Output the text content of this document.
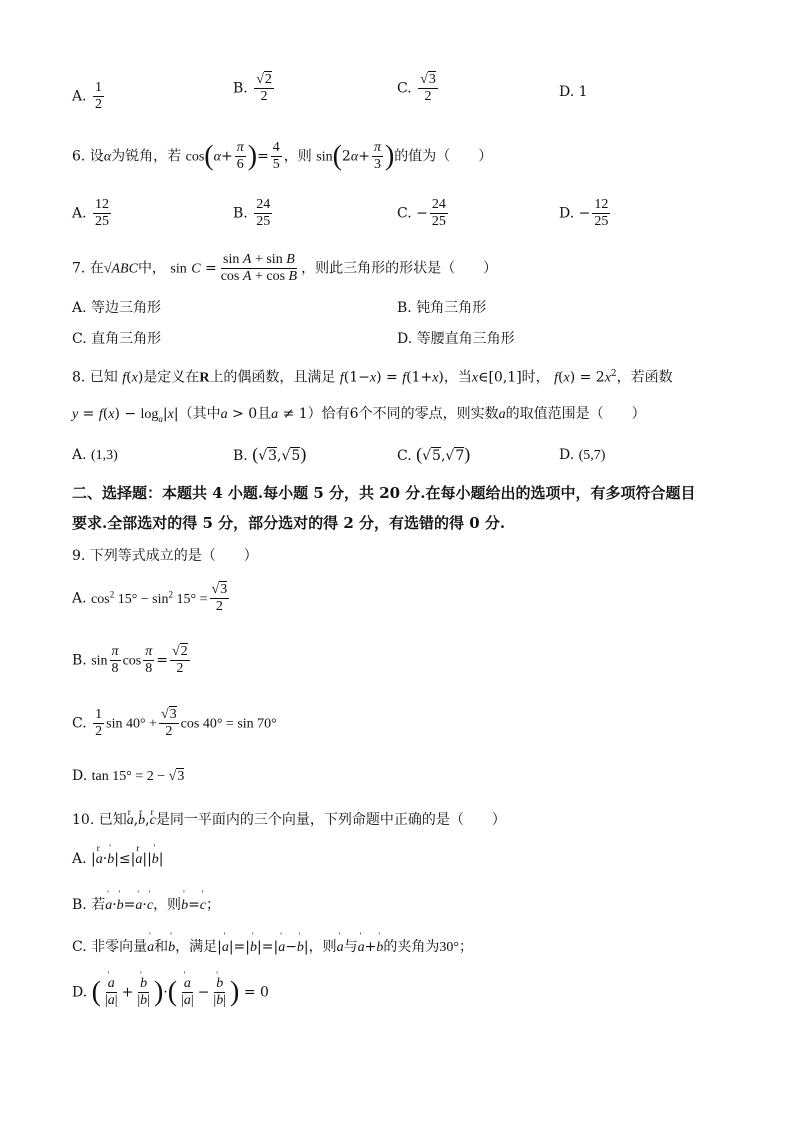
A. $\frac{1}{2}$	B. $\frac{√2}{2}$	C. $\frac{√3}{2}$	D. 1
6. 设α为锐角，若 $\cos(\alpha+ \frac{\pi}{6}$ )= $\frac{4}{5}$ ，则 $\sin(2\alpha+ \frac{\pi}{3}$ )的值为（　　）
A. $\frac{12}{25}$	B. $\frac{24}{25}$	C. − $\frac{24}{25}$	D. − $\frac{12}{25}$
7. 在√ABC中， $\sin C = \frac{\text{sin A + sin B}}{\text{cos A + cos B}}$ ，则此三角形的形状是（　　）
A. 等边三角形	B. 钝角三角形
C. 直角三角形	D. 等腰直角三角形
8. 已知 f(x)是定义在R上的偶函数，且满足 f(1−x) = f(1+x)，当x∈[0,1]时， $f(x) = 2x^2$，若函数
$y = f(x) - \log_a|x|$（其中a > 0且a ≠ 1）恰有6个不同的零点，则实数a的取值范围是（　　）
A. (1,3)	B. (√3,√5)	C. (√5,√7)	D. (5,7)
二、选择题：本题共 4 小题.每小题 5 分，共 20 分.在每小题给出的选项中，有多项符合题目
要求.全部选对的得 5 分，部分选对的得 2 分，有选错的得 0 分.
9. 下列等式成立的是（　　）
A. $\cos^2 15^\circ - \sin^2 15^\circ = \frac{√3}{2}$
B. $\sin \frac{\pi}{8}$ $\cos \frac{\pi}{8} = \frac{√2}{2}$
C. $\frac{1}{2}$ $\sin 40^\circ + \frac{√3}{2}$ cos 40° = sin 70°
D. tan 15° = 2 − √3
10. 已知r a,r b,r c是同一平面内的三个向量，下列命题中正确的是（　　）
A. |r a·' b|≤|r a||' b|
B. 若' a·' b=' a·' c，则' b=' c；
C. 非零向量' a和' b，满足|' a|=|' b|=|' a−' b|，则' a与' a+' b的夹角为30°；
D. ( ' $\frac{a}{|a|}$ + ' $\frac{b}{|b|}$ )·( ' $\frac{a}{|a|}$ − ' $\frac{b}{|b|}$ ) = 0
